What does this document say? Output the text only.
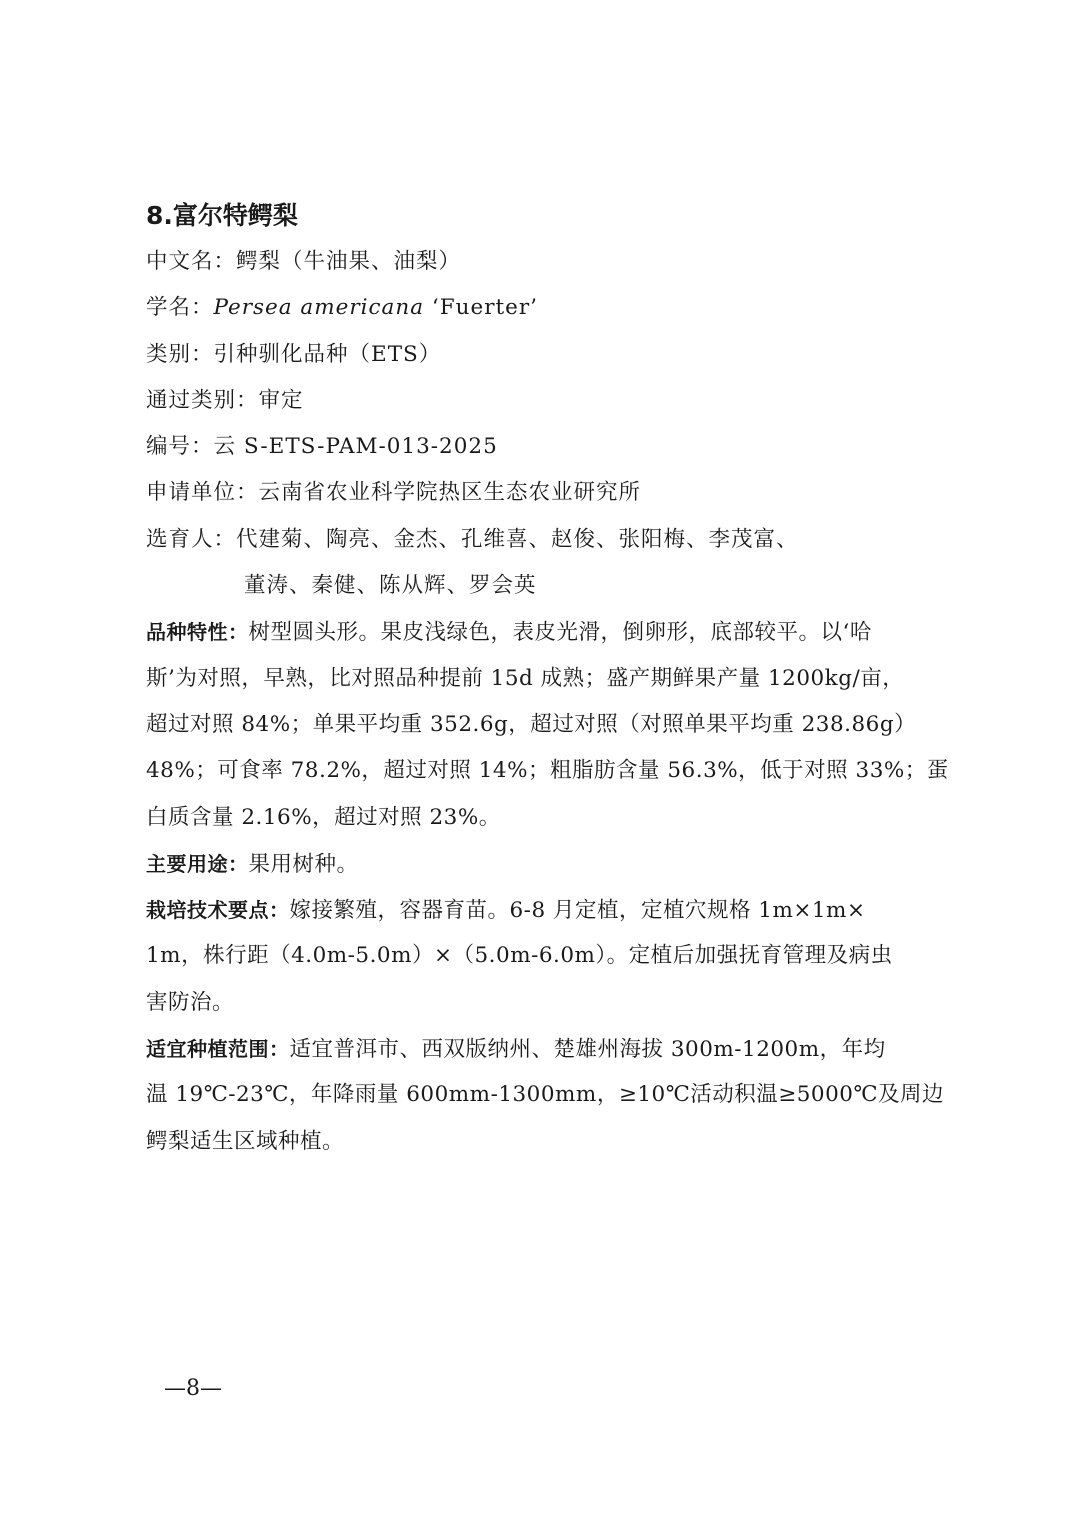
8.富尔特鳄梨
中文名：鳄梨（牛油果、油梨）
学名：Persea americana ‘Fuerter’
类别：引种驯化品种（ETS）
通过类别：审定
编号：云 S-ETS-PAM-013-2025
申请单位：云南省农业科学院热区生态农业研究所
选育人：代建菊、陶亮、金杰、孔维喜、赵俊、张阳梅、李茂富、
董涛、秦健、陈从辉、罗会英
品种特性：树型圆头形。果皮浅绿色，表皮光滑，倒卵形，底部较平。以‘哈
斯’为对照，早熟，比对照品种提前 15d 成熟；盛产期鲜果产量 1200kg/亩，
超过对照 84%；单果平均重 352.6g，超过对照（对照单果平均重 238.86g）
48%；可食率 78.2%，超过对照 14%；粗脂肪含量 56.3%，低于对照 33%；蛋
白质含量 2.16%，超过对照 23%。
主要用途：果用树种。
栽培技术要点：嫁接繁殖，容器育苗。6-8 月定植，定植穴规格 1m×1m×
1m，株行距（4.0m-5.0m）×（5.0m-6.0m）。定植后加强抚育管理及病虫
害防治。
适宜种植范围：适宜普洱市、西双版纳州、楚雄州海拔 300m-1200m，年均
温 19℃-23℃，年降雨量 600mm-1300mm，≥10℃活动积温≥5000℃及周边
鳄梨适生区域种植。
—8—
